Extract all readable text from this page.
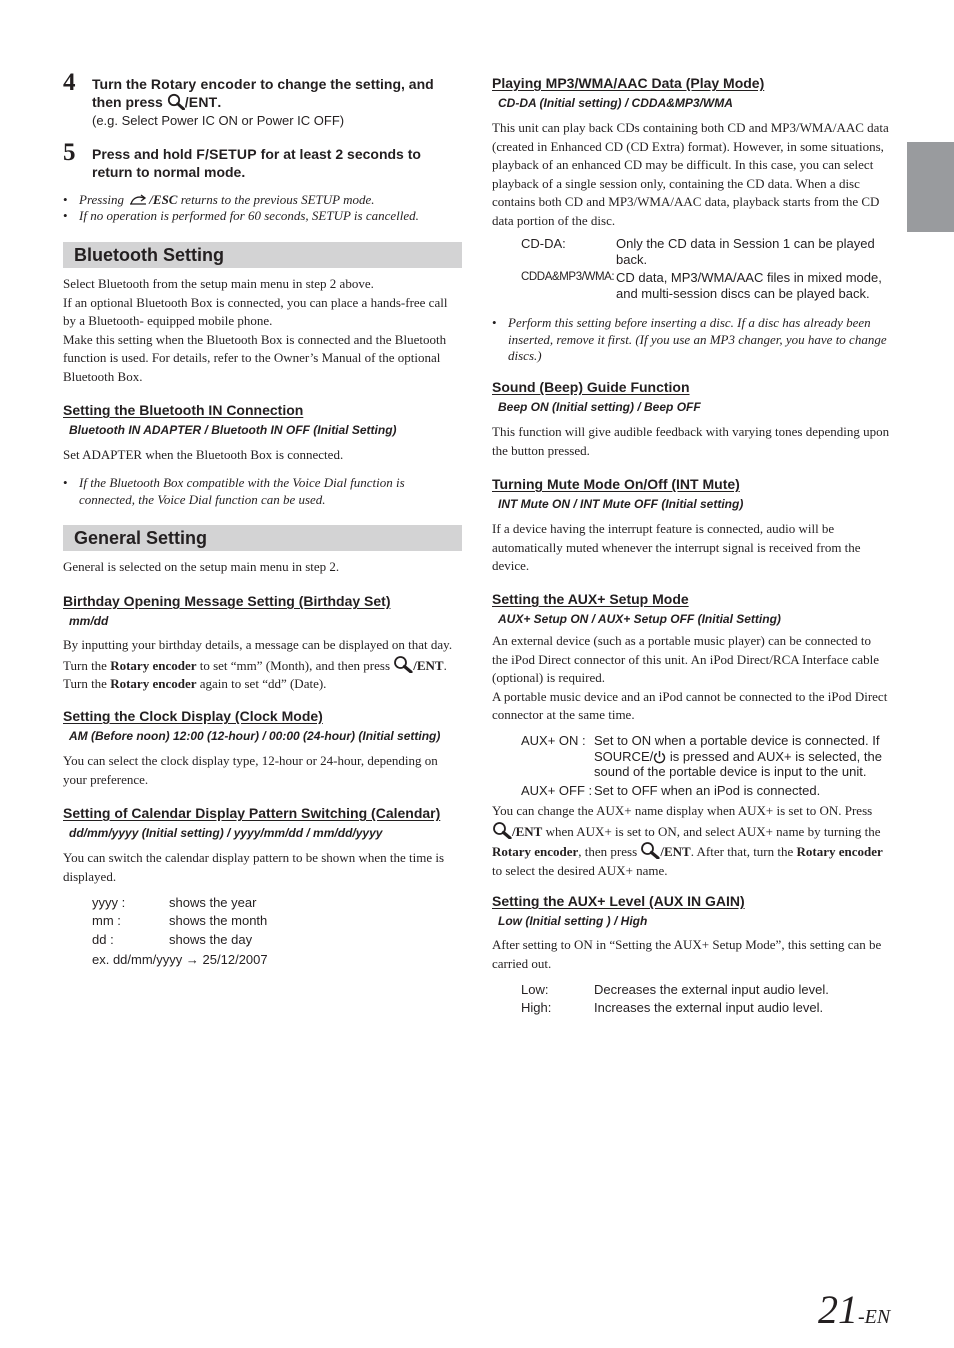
4 Turn the Rotary encoder to change the setting, and then press /ENT.
(e.g. Select Power IC ON or Power IC OFF)
5 Press and hold F/SETUP for at least 2 seconds to return to normal mode.
• Pressing /ESC returns to the previous SETUP mode.
• If no operation is performed for 60 seconds, SETUP is cancelled.
Bluetooth Setting

Select Bluetooth from the setup main menu in step 2 above.

If an optional Bluetooth Box is connected, you can place a hands-free call by a Bluetooth- equipped mobile phone.

Make this setting when the Bluetooth Box is connected and the Bluetooth function is used. For details, refer to the Owner’s Manual of the optional Bluetooth Box.

Setting the Bluetooth IN Connection
Bluetooth IN ADAPTER / Bluetooth IN OFF (Initial Setting)
Set ADAPTER when the Bluetooth Box is connected.
• If the Bluetooth Box compatible with the Voice Dial function is connected, the Voice Dial function can be used.
General Setting
General is selected on the setup main menu in step 2.
Birthday Opening Message Setting (Birthday Set)
mm/dd
By inputting your birthday details, a message can be displayed on that day. Turn the Rotary encoder to set “mm” (Month), and then press /ENT. Turn the Rotary encoder again to set “dd” (Date).
Setting the Clock Display (Clock Mode)
AM (Before noon) 12:00 (12-hour) / 00:00 (24-hour) (Initial setting)
You can select the clock display type, 12-hour or 24-hour, depending on your preference.
Setting of Calendar Display Pattern Switching (Calendar)
dd/mm/yyyy (Initial setting) / yyyy/mm/dd / mm/dd/yyyy
You can switch the calendar display pattern to be shown when the time is displayed.
yyyy :	shows the year
mm :	shows the month
dd :	shows the day
ex. dd/mm/yyyy → 25/12/2007
Playing MP3/WMA/AAC Data (Play Mode)
CD-DA (Initial setting) / CDDA&MP3/WMA
This unit can play back CDs containing both CD and MP3/WMA/AAC data (created in Enhanced CD (CD Extra) format). However, in some situations, playback of an enhanced CD may be difficult. In this case, you can select playback of a single session only, containing the CD data. When a disc contains both CD and MP3/WMA/AAC data, playback starts from the CD data portion of the disc.
CD-DA:	Only the CD data in Session 1 can be played back.
CDDA&MP3/WMA: CD data, MP3/WMA/AAC files in mixed mode, and multi-session discs can be played back.
• Perform this setting before inserting a disc. If a disc has already been inserted, remove it first. (If you use an MP3 changer, you have to change discs.)
Sound (Beep) Guide Function
Beep ON (Initial setting) / Beep OFF
This function will give audible feedback with varying tones depending upon the button pressed.
Turning Mute Mode On/Off (INT Mute)
INT Mute ON / INT Mute OFF (Initial setting)
If a device having the interrupt feature is connected, audio will be automatically muted whenever the interrupt signal is received from the device.
Setting the AUX+ Setup Mode
AUX+ Setup ON / AUX+ Setup OFF (Initial Setting)

An external device (such as a portable music player) can be connected to the iPod Direct connector of this unit. An iPod Direct/RCA Interface cable (optional) is required.

A portable music device and an iPod cannot be connected to the iPod Direct connector at the same time.

AUX+ ON : Set to ON when a portable device is connected. If SOURCE/ is pressed and AUX+ is selected, the sound of the portable device is input to the unit.
AUX+ OFF : Set to OFF when an iPod is connected.
You can change the AUX+ name display when AUX+ is set to ON. Press /ENT when AUX+ is set to ON, and select AUX+ name by turning the Rotary encoder, then press /ENT. After that, turn the Rotary encoder to select the desired AUX+ name.
Setting the AUX+ Level (AUX IN GAIN)
Low (Initial setting ) / High
After setting to ON in “Setting the AUX+ Setup Mode”, this setting can be carried out.
Low:	Decreases the external input audio level.
High:	Increases the external input audio level.
21-EN
